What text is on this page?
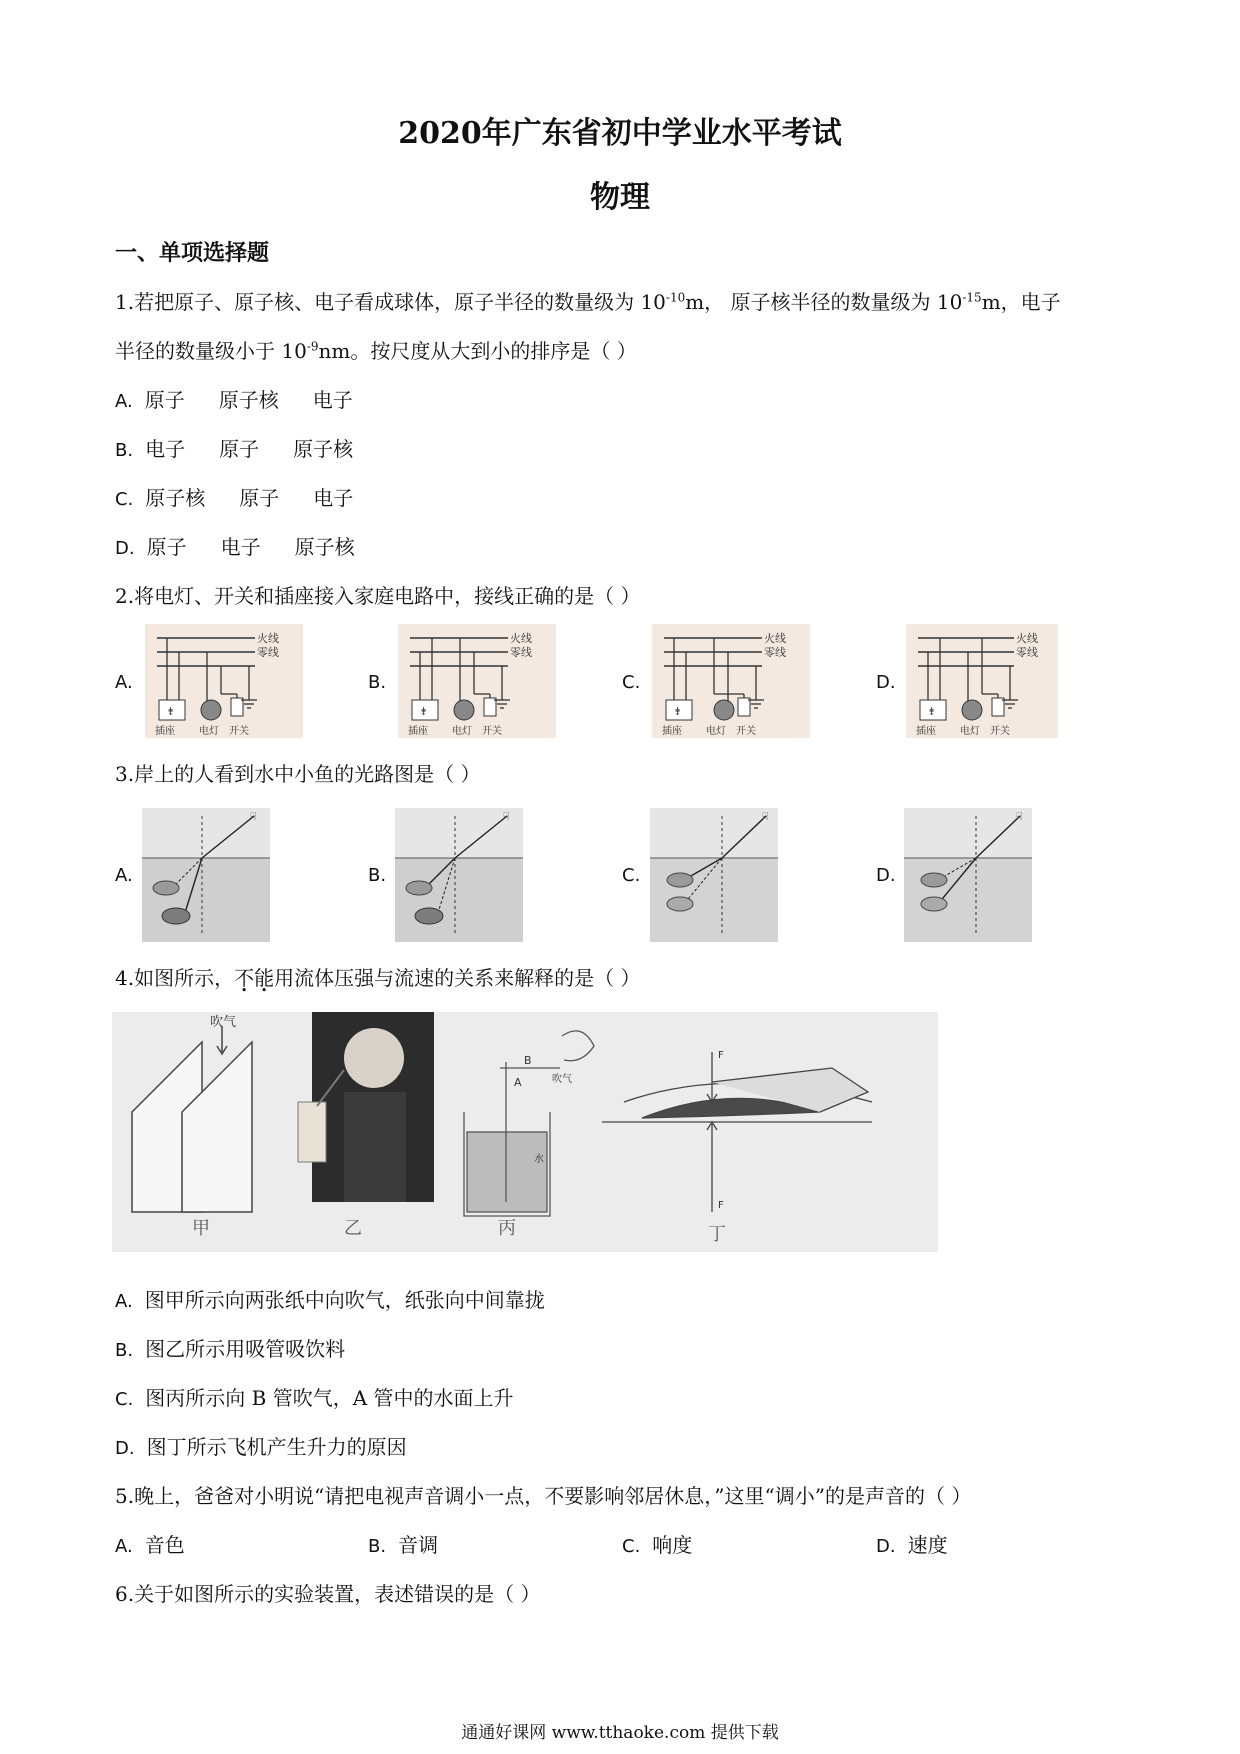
2020年广东省初中学业水平考试
物理
一、单项选择题
1.若把原子、原子核、电子看成球体，原子半径的数量级为 $10^{-10}m$， 原子核半径的数量级为 $10^{-15}m$，电子
半径的数量级小于 $10^{-9}nm$。按尺度从大到小的排序是（ ）
A. 原子 原子核 电子
B. 电子 原子 原子核
C. 原子核 原子 电子
D. 原子 电子 原子核
2.将电灯、开关和插座接入家庭电路中，接线正确的是（ ）
A.	B.	C.	D.
火线
零线
⇟
插座 电灯 开关
火线
零线
⇟
插座 电灯 开关
火线
零线
⇟
插座 电灯 开关
火线
零线
⇟
插座 电灯 开关
3.岸上的人看到水中小鱼的光路图是（ ）
A.	B.	C.	D.
☟	☟	☟	☟
4.如图所示，不能用流体压强与流速的关系来解释的是（ ）
吹气
甲	乙
A
B
吹气
水
丙
F
F
丁
A. 图甲所示向两张纸中向吹气，纸张向中间靠拢
B. 图乙所示用吸管吸饮料
C. 图丙所示向 B 管吹气，A 管中的水面上升
D. 图丁所示飞机产生升力的原因
5.晚上，爸爸对小明说“请把电视声音调小一点，不要影响邻居休息，”这里“调小”的是声音的（ ）
A. 音色	B. 音调	C. 响度	D. 速度
6.关于如图所示的实验装置，表述错误的是（ ）
通通好课网 www.tthaoke.com 提供下载
